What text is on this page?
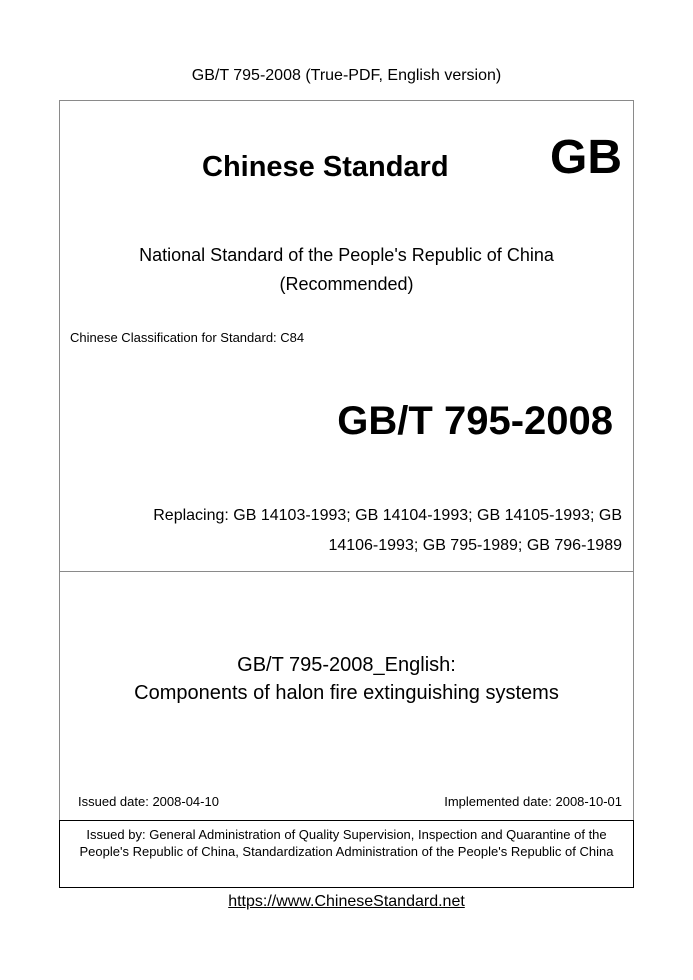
GB/T 795-2008 (True-PDF, English version)
Chinese Standard GB
National Standard of the People's Republic of China
(Recommended)
Chinese Classification for Standard: C84
GB/T 795-2008
Replacing: GB 14103-1993; GB 14104-1993; GB 14105-1993; GB 14106-1993; GB 795-1989; GB 796-1989
GB/T 795-2008_English:
Components of halon fire extinguishing systems
Issued date: 2008-04-10	Implemented date: 2008-10-01
Issued by: General Administration of Quality Supervision, Inspection and Quarantine of the People's Republic of China, Standardization Administration of the People's Republic of China
https://www.ChineseStandard.net
